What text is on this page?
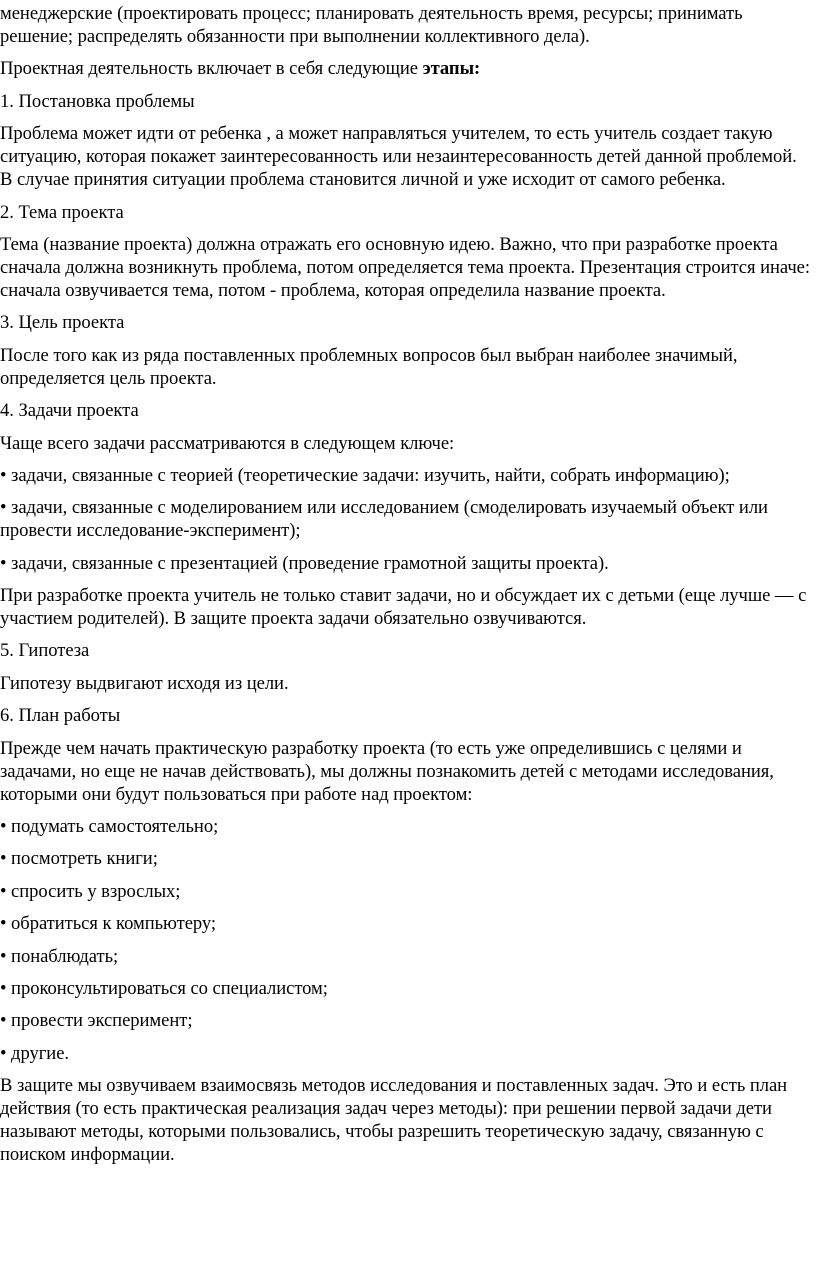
менеджерские (проектировать процесс; планировать деятельность время, ресурсы; принимать решение; распределять обязанности при выполнении коллективного дела).

Проектная деятельность включает в себя следующие этапы:

1. Постановка проблемы

Проблема может идти от ребенка , а может направляться учителем, то есть учитель создает такую ситуацию, которая покажет заинтересованность или незаинтересованность детей данной проблемой. В случае принятия ситуации проблема становится личной и уже исходит от самого ребенка.

2. Тема проекта

Тема (название проекта) должна отражать его основную идею. Важно, что при разработке проекта сначала должна возникнуть проблема, потом определяется тема проекта. Презентация строится иначе: сначала озвучивается тема, потом - проблема, которая определила название проекта.

3. Цель проекта

После того как из ряда поставленных проблемных вопросов был выбран наиболее значимый, определяется цель проекта.

4. Задачи проекта

Чаще всего задачи рассматриваются в следующем ключе:

• задачи, связанные с теорией (теоретические задачи: изучить, найти, собрать информацию);

• задачи, связанные с моделированием или исследованием (смоделировать изучаемый объект или провести исследование-эксперимент);

• задачи, связанные с презентацией (проведение грамотной защиты проекта).

При разработке проекта учитель не только ставит задачи, но и обсуждает их с детьми (еще лучше — с участием родителей). В защите проекта задачи обязательно озвучиваются.

5. Гипотеза

Гипотезу выдвигают исходя из цели.

6. План работы

Прежде чем начать практическую разработку проекта (то есть уже определившись с целями и задачами, но еще не начав действовать), мы должны познакомить детей с методами исследования, которыми они будут пользоваться при работе над проектом:

• подумать самостоятельно;

• посмотреть книги;

• спросить у взрослых;

• обратиться к компьютеру;

• понаблюдать;

• проконсультироваться со специалистом;

• провести эксперимент;

• другие.

В защите мы озвучиваем взаимосвязь методов исследования и поставленных задач. Это и есть план действия (то есть практическая реализация задач через методы): при решении первой задачи дети называют методы, которыми пользовались, чтобы разрешить теоретическую задачу, связанную с поиском информации.
